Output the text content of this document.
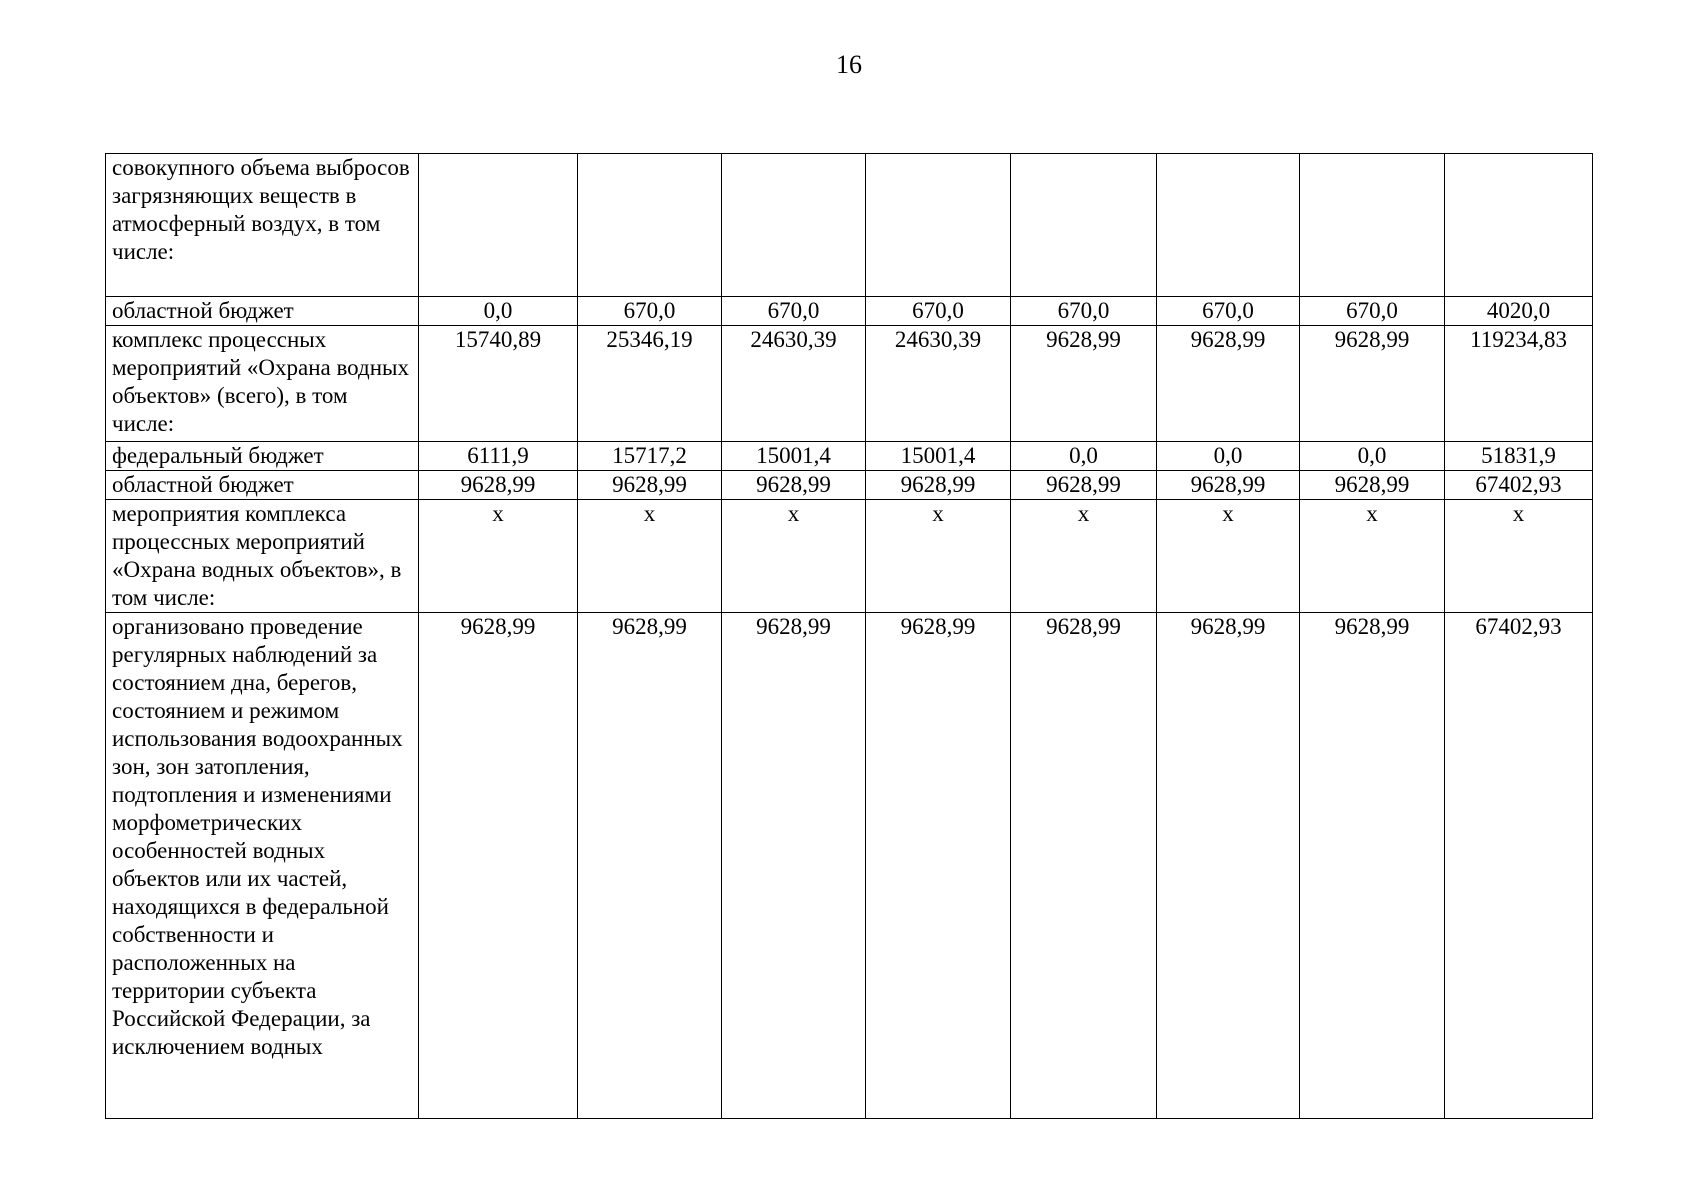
16
совокупного объема выбросов загрязняющих веществ в атмосферный воздух, в том числе:								
областной бюджет	0,0	670,0	670,0	670,0	670,0	670,0	670,0	4020,0
комплекс процессных мероприятий «Охрана водных объектов» (всего), в том числе:	15740,89	25346,19	24630,39	24630,39	9628,99	9628,99	9628,99	119234,83
федеральный бюджет	6111,9	15717,2	15001,4	15001,4	0,0	0,0	0,0	51831,9
областной бюджет	9628,99	9628,99	9628,99	9628,99	9628,99	9628,99	9628,99	67402,93
мероприятия комплекса процессных мероприятий «Охрана водных объектов», в том числе:	x	x	x	x	x	x	x	x
организовано проведение регулярных наблюдений за состоянием дна, берегов, состоянием и режимом использования водоохранных зон, зон затопления, подтопления и изменениями морфометрических особенностей водных объектов или их частей, находящихся в федеральной собственности и расположенных на территории субъекта Российской Федерации, за исключением водных	9628,99	9628,99	9628,99	9628,99	9628,99	9628,99	9628,99	67402,93
